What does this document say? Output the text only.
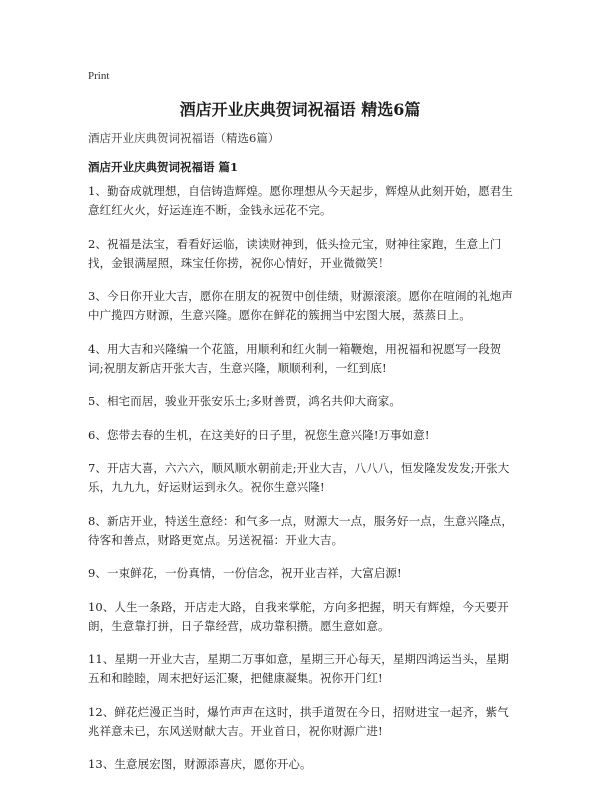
Print
酒店开业庆典贺词祝福语 精选6篇

酒店开业庆典贺词祝福语（精选6篇）

酒店开业庆典贺词祝福语 篇1
1、勤奋成就理想，自信铸造辉煌。愿你理想从今天起步，辉煌从此刻开始，愿君生意红红火火，好运连连不断，金钱永远花不完。
2、祝福是法宝，看看好运临，读读财神到，低头捡元宝，财神往家跑，生意上门找，金银满屋照，珠宝任你捞，祝你心情好，开业微微笑！
3、今日你开业大吉，愿你在朋友的祝贺中创佳绩，财源滚滚。愿你在喧闹的礼炮声中广揽四方财源，生意兴隆。愿你在鲜花的簇拥当中宏图大展，蒸蒸日上。
4、用大吉和兴隆编一个花篮，用顺利和红火制一箱鞭炮，用祝福和祝愿写一段贺词;祝朋友新店开张大吉，生意兴隆，顺顺利利，一红到底!
5、相宅而居，骏业开张安乐土;多财善贾，鸿名共仰大商家。
6、您带去春的生机，在这美好的日子里，祝您生意兴隆!万事如意!
7、开店大喜，六六六，顺风顺水朝前走;开业大吉，八八八，恒发隆发发发;开张大乐，九九九，好运财运到永久。祝你生意兴隆!
8、新店开业，特送生意经：和气多一点，财源大一点，服务好一点，生意兴隆点，待客和善点，财路更宽点。另送祝福：开业大吉。
9、一束鲜花，一份真情，一份信念，祝开业吉祥，大富启源!
10、人生一条路，开店走大路，自我来掌舵，方向多把握，明天有辉煌，今天要开朗，生意靠打拼，日子靠经营，成功靠积攒。愿生意如意。
11、星期一开业大吉，星期二万事如意，星期三开心每天，星期四鸿运当头，星期五和和睦睦，周末把好运汇聚，把健康凝集。祝你开门红!
12、鲜花烂漫正当时，爆竹声声在这时，拱手道贺在今日，招财进宝一起齐，紫气兆祥意未已，东风送财献大吉。开业首日，祝你财源广进!
13、生意展宏图，财源添喜庆，愿你开心。
